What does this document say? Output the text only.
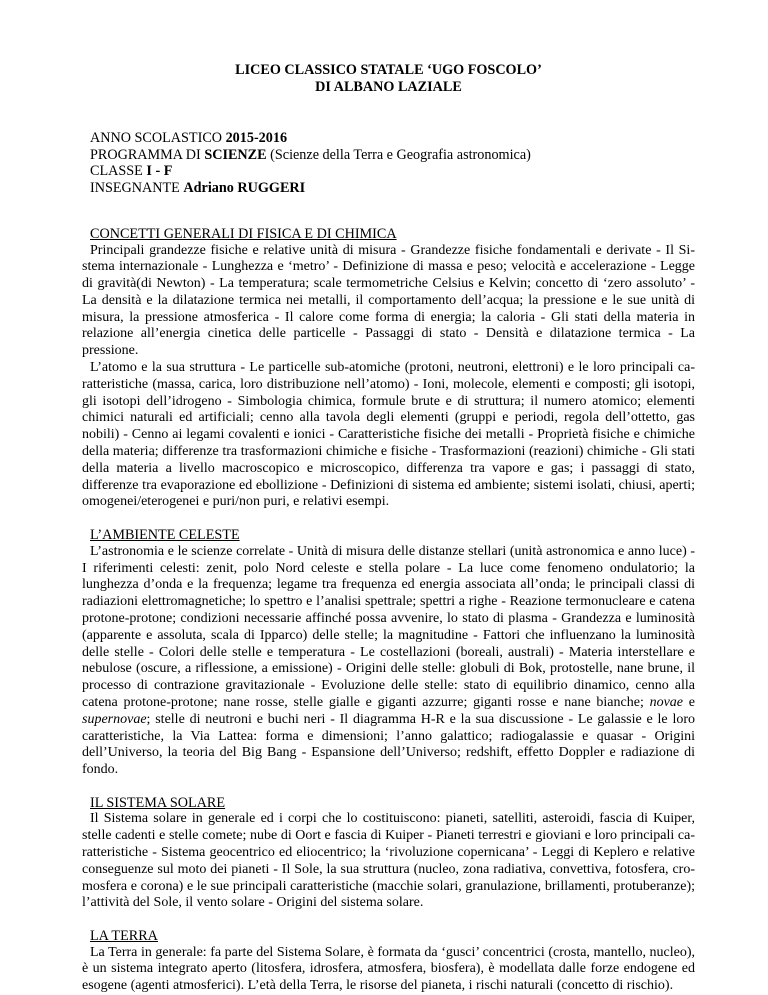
LICEO CLASSICO STATALE ‘UGO FOSCOLO’
DI ALBANO LAZIALE
ANNO SCOLASTICO 2015-2016
PROGRAMMA DI SCIENZE (Scienze della Terra e Geografia astronomica)
CLASSE I - F
INSEGNANTE Adriano RUGGERI
CONCETTI GENERALI DI FISICA E DI CHIMICA

Principali grandezze fisiche e relative unità di misura - Grandezze fisiche fondamentali e derivate - Il Sistema internazionale - Lunghezza e ‘metro’ - Definizione di massa e peso; velocità e accelerazione - Legge di gravità(di Newton) - La temperatura; scale termometriche Celsius e Kelvin; concetto di ‘zero assoluto’ - La densità e la dilatazione termica nei metalli, il comportamento dell’acqua; la pressione e le sue unità di misura, la pressione atmosferica - Il calore come forma di energia; la caloria - Gli stati della materia in relazione all’energia cinetica delle particelle - Passaggi di stato - Densità e dilatazione termica - La pressione.

L’atomo e la sua struttura - Le particelle sub-atomiche (protoni, neutroni, elettroni) e le loro principali caratteristiche (massa, carica, loro distribuzione nell’atomo) - Ioni, molecole, elementi e composti; gli isotopi, gli isotopi dell’idrogeno - Simbologia chimica, formule brute e di struttura; il numero atomico; elementi chimici naturali ed artificiali; cenno alla tavola degli elementi (gruppi e periodi, regola dell’ottetto, gas nobili) - Cenno ai legami covalenti e ionici - Caratteristiche fisiche dei metalli - Proprietà fisiche e chimiche della materia; differenze tra trasformazioni chimiche e fisiche - Trasformazioni (reazioni) chimiche - Gli stati della materia a livello macroscopico e microscopico, differenza tra vapore e gas; i passaggi di stato, differenze tra evaporazione ed ebollizione - Definizioni di sistema ed ambiente; sistemi isolati, chiusi, aperti; omogenei/eterogenei e puri/non puri, e relativi esempi.

L’AMBIENTE CELESTE

L’astronomia e le scienze correlate - Unità di misura delle distanze stellari (unità astronomica e anno luce) - I riferimenti celesti: zenit, polo Nord celeste e stella polare - La luce come fenomeno ondulatorio; la lunghezza d’onda e la frequenza; legame tra frequenza ed energia associata all’onda; le principali classi di radiazioni elettromagnetiche; lo spettro e l’analisi spettrale; spettri a righe - Reazione termonucleare e catena protone-protone; condizioni necessarie affinché possa avvenire, lo stato di plasma - Grandezza e luminosità (apparente e assoluta, scala di Ipparco) delle stelle; la magnitudine - Fattori che influenzano la luminosità delle stelle - Colori delle stelle e temperatura - Le costellazioni (boreali, australi) - Materia interstellare e nebulose (oscure, a riflessione, a emissione) - Origini delle stelle: globuli di Bok, protostelle, nane brune, il processo di contrazione gravitazionale - Evoluzione delle stelle: stato di equilibrio dinamico, cenno alla catena protone-protone; nane rosse, stelle gialle e giganti azzurre; giganti rosse e nane bianche; novae e supernovae; stelle di neutroni e buchi neri - Il diagramma H-R e la sua discussione - Le galassie e le loro caratteristiche, la Via Lattea: forma e dimensioni; l’anno galattico; radiogalassie e quasar - Origini dell’Universo, la teoria del Big Bang - Espansione dell’Universo; redshift, effetto Doppler e radiazione di fondo.

IL SISTEMA SOLARE

Il Sistema solare in generale ed i corpi che lo costituiscono: pianeti, satelliti, asteroidi, fascia di Kuiper, stelle cadenti e stelle comete; nube di Oort e fascia di Kuiper - Pianeti terrestri e gioviani e loro principali caratteristiche - Sistema geocentrico ed eliocentrico; la ‘rivoluzione copernicana’ - Leggi di Keplero e relative conseguenze sul moto dei pianeti - Il Sole, la sua struttura (nucleo, zona radiativa, convettiva, fotosfera, cromosfera e corona) e le sue principali caratteristiche (macchie solari, granulazione, brillamenti, protuberanze); l’attività del Sole, il vento solare - Origini del sistema solare.

LA TERRA

La Terra in generale: fa parte del Sistema Solare, è formata da ‘gusci’ concentrici (crosta, mantello, nucleo), è un sistema integrato aperto (litosfera, idrosfera, atmosfera, biosfera), è modellata dalle forze endogene ed esogene (agenti atmosferici). L’età della Terra, le risorse del pianeta, i rischi naturali (concetto di rischio).
